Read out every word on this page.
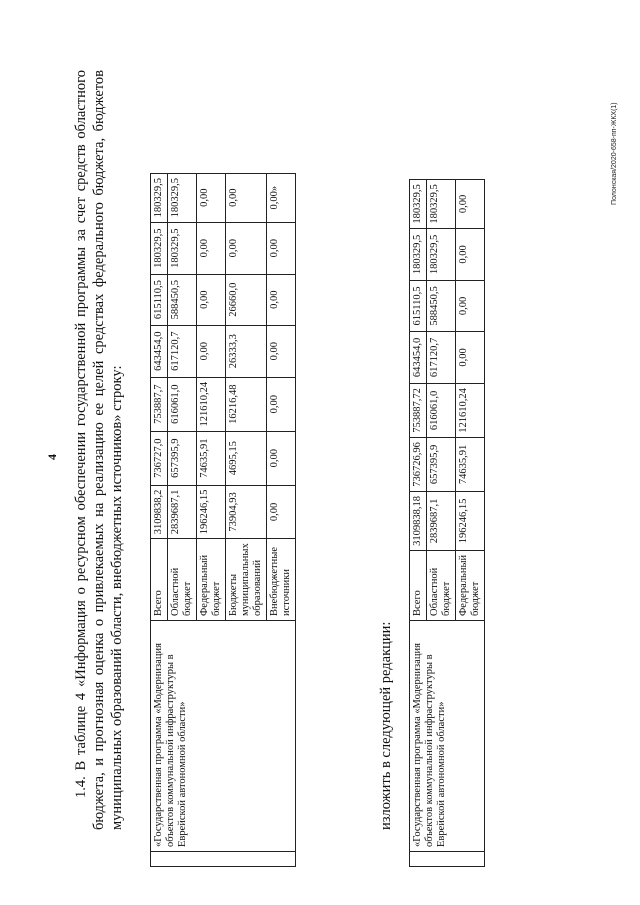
4 1.4. В таблице 4 «Информация о ресурсном обеспечении государственной программы за счет средств областного бюджета, и прогнозная оценка о привлекаемых на реализацию ее целей средствах федерального бюджета, бюджетов муниципальных образований области, внебюджетных источников» строку:
		«Государственная программа «Модернизация объектов коммунальной инфраструктуры в Еврейской автономной области»	Всего	3109838,2	736727,0	753887,7	643454,0	615110,5	180329,5	180329,5
		Областной бюджет	2839687,1	657395,9	616061,0	617120,7	588450,5	180329,5	180329,5
		Федеральный бюджет	196246,15	74635,91	121610,24	0,00	0,00	0,00	0,00
		Бюджеты муниципальных образований	73904,93	4695,15	16216,48	26333,3	26660,0	0,00	0,00
		Внебюджетные источники	0,00	0,00	0,00	0,00	0,00	0,00	0,00»
изложить в следующей редакции:
	«Государственная программа «Модернизация объектов коммунальной инфраструктуры в Еврейской автономной области»	Всего	3109838,18	736726,96	753887,72	643454,0	615110,5	180329,5	180329,5
		Областной бюджет	2839687,1	657395,9	616061,0	617120,7	588450,5	180329,5	180329,5
		Федеральный бюджет	196246,15	74635,91	121610,24	0,00	0,00	0,00	0,00	Полонская/2020-658-пп-ЖКХ(1)
